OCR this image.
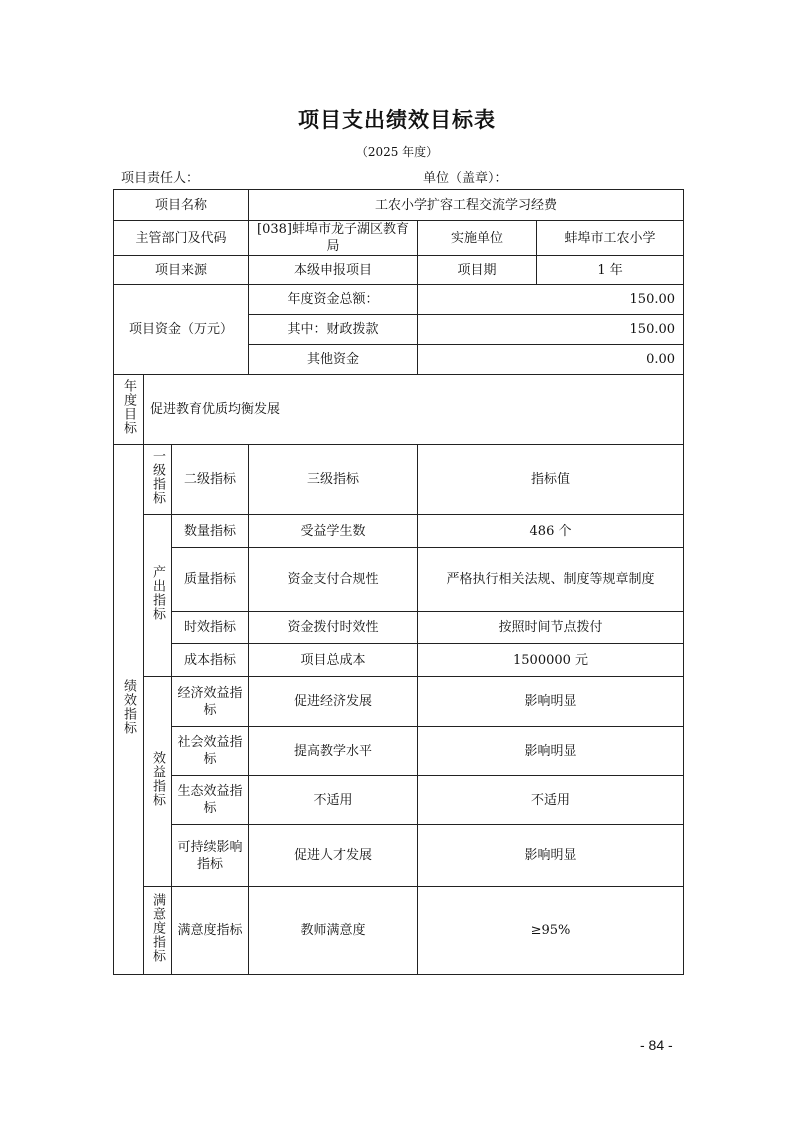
项目支出绩效目标表
（2025 年度）
项目责任人：	单位（盖章）：
项目名称			工农小学扩容工程交流学习经费		
主管部门及代码			[038]蚌埠市龙子湖区教育局	实施单位	蚌埠市工农小学
项目来源			本级申报项目	项目期	1 年
项目资金（万元）			年度资金总额：	150.00	
			其中：财政拨款	150.00	
			其他资金	0.00	
年度目标	促进教育优质均衡发展				
绩效指标	一级指标	二级指标	三级指标	指标值	
	产出指标	数量指标	受益学生数	486 个	
		质量指标	资金支付合规性	严格执行相关法规、制度等规章制度	
		时效指标	资金拨付时效性	按照时间节点拨付	
		成本指标	项目总成本	1500000 元	
	效益指标	经济效益指标	促进经济发展	影响明显	
		社会效益指标	提高教学水平	影响明显	
		生态效益指标	不适用	不适用	
		可持续影响指标	促进人才发展	影响明显	
	满意度指标	满意度指标	教师满意度	≥95%	
- 84 -
